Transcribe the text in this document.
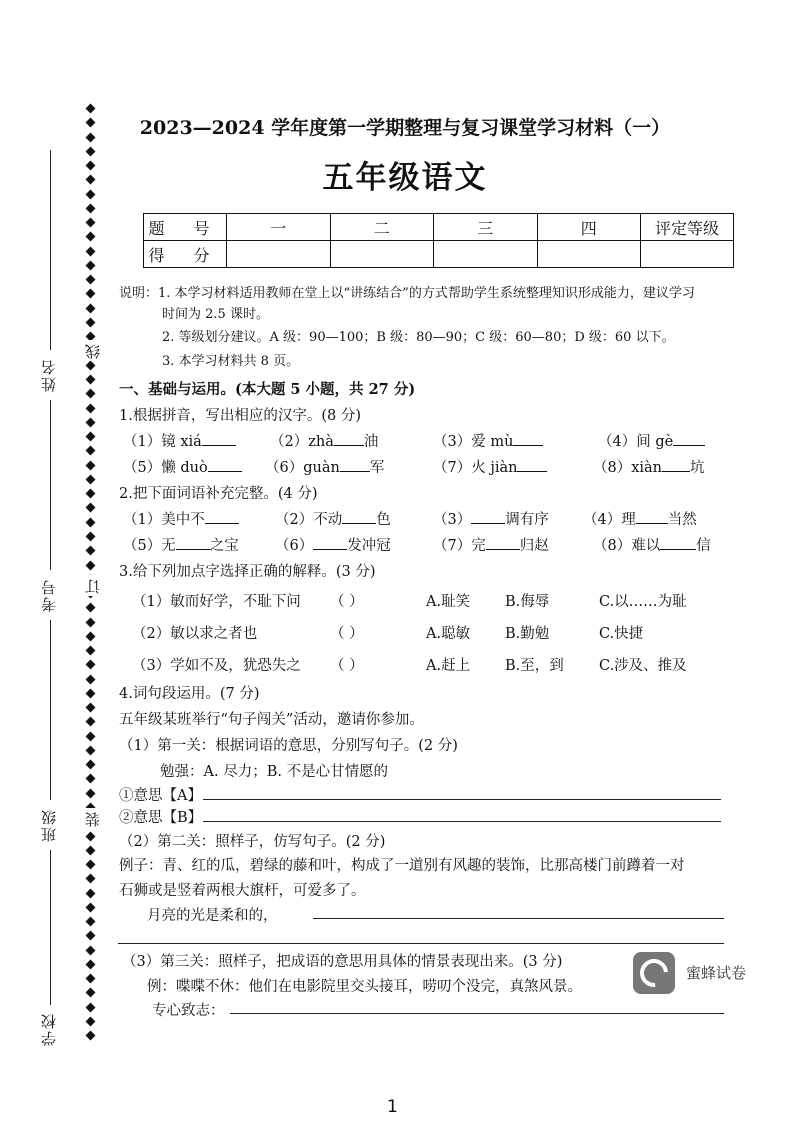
姓名
考号
班级
学校
线
订
装
2023—2024 学年度第一学期整理与复习课堂学习材料（一）
五年级语文
题 号	一	二	三	四	评定等级
得 分					
说明：1. 本学习材料适用教师在堂上以“讲练结合”的方式帮助学生系统整理知识形成能力，建议学习
时间为 2.5 课时。
2. 等级划分建议。A 级：90—100；B 级：80—90；C 级：60—80；D 级：60 以下。
3. 本学习材料共 8 页。
一、基础与运用。(本大题 5 小题，共 27 分)
1.根据拼音，写出相应的汉字。(8 分)
（1）镜 xiá	（2）zhà 油	（3）爱 mù	（4）间 gè
（5）懒 duò	（6）guàn 军	（7）火 jiàn	（8）xiàn 坑
2.把下面词语补充完整。(4 分)
（1）美中不	（2）不动 色	（3） 调有序 （4）理 当然
（5）无 之宝	（6） 发冲冠	（7）完 归赵	（8）难以 信
3.给下列加点字选择正确的解释。(3 分)
（1）敏而好学，不耻下问 （ ）	A.耻笑 B.侮辱	C.以……为耻
（2）敏以求之者也	（ ）	A.聪敏 B.勤勉	C.快捷
（3）学如不及，犹恐失之 （ ）	A.赶上 B.至，到 C.涉及、推及
4.词句段运用。(7 分)
五年级某班举行“句子闯关”活动，邀请你参加。
（1）第一关：根据词语的意思，分别写句子。(2 分)
勉强：A. 尽力；B. 不是心甘情愿的
①意思【A】
②意思【B】
（2）第二关：照样子，仿写句子。(2 分)
例子：青、红的瓜，碧绿的藤和叶，构成了一道别有风趣的装饰，比那高楼门前蹲着一对
石狮或是竖着两根大旗杆，可爱多了。
月亮的光是柔和的，
（3）第三关：照样子，把成语的意思用具体的情景表现出来。(3 分)
例：喋喋不休：他们在电影院里交头接耳，唠叨个没完，真煞风景。
专心致志：
蜜蜂试卷
1
